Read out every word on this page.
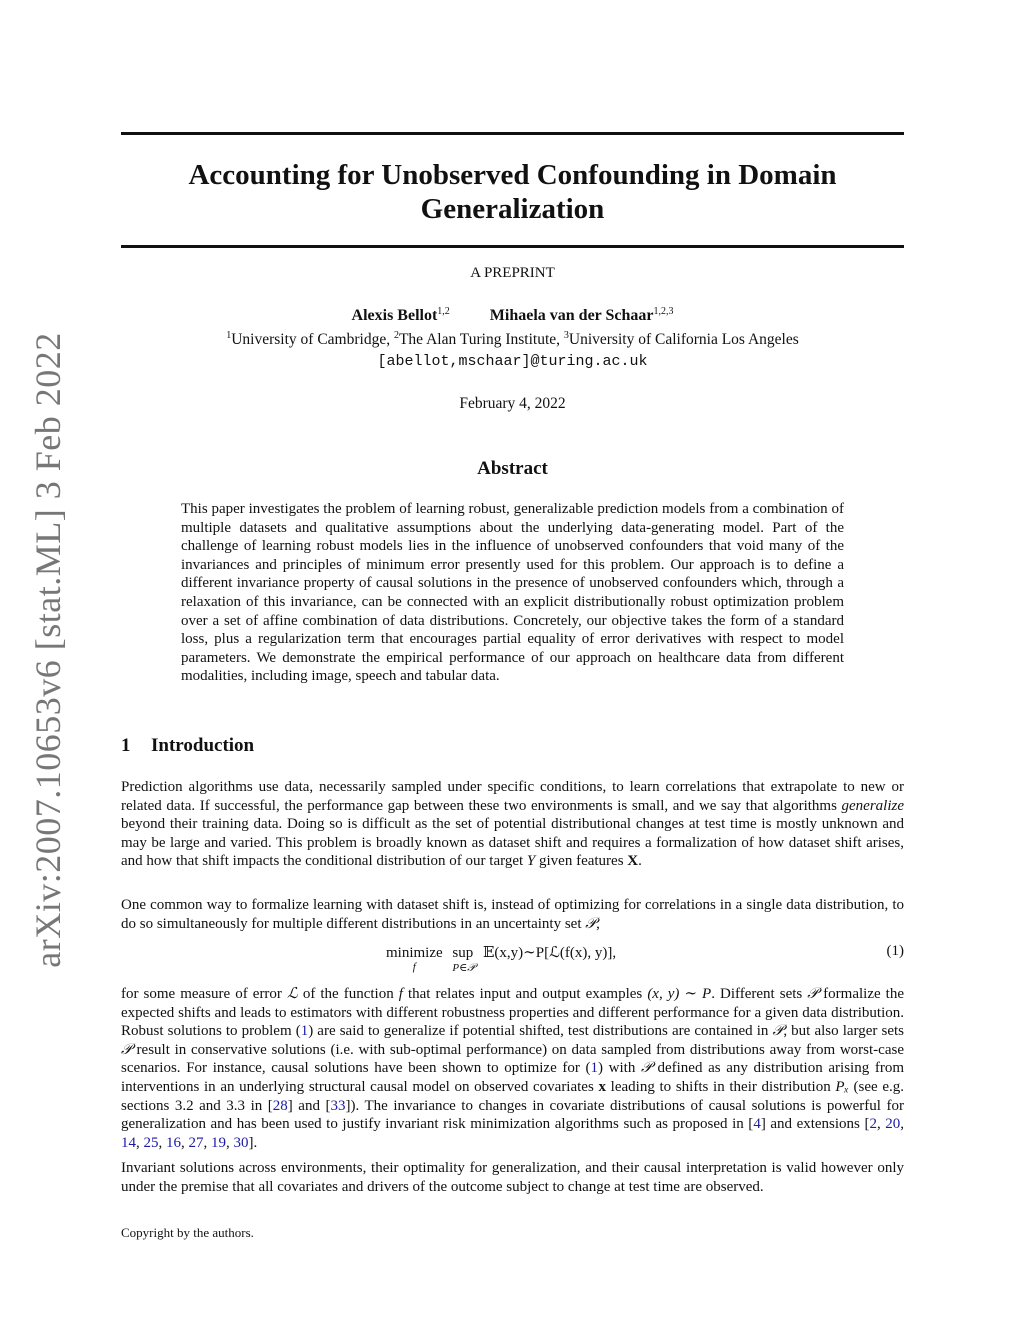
arXiv:2007.10653v6 [stat.ML] 3 Feb 2022
Accounting for Unobserved Confounding in Domain
Generalization
A PREPRINT
Alexis Bellot$^{1,2}$	Mihaela van der Schaar$^{1,2,3}$
$^1$University of Cambridge, $^2$The Alan Turing Institute, $^3$University of California Los Angeles
[abellot,mschaar]@turing.ac.uk
February 4, 2022
Abstract

This paper investigates the problem of learning robust, generalizable prediction models from a combination of multiple datasets and qualitative assumptions about the underlying data-generating model. Part of the challenge of learning robust models lies in the influence of unobserved confounders that void many of the invariances and principles of minimum error presently used for this problem. Our approach is to define a different invariance property of causal solutions in the presence of unobserved confounders which, through a relaxation of this invariance, can be connected with an explicit distributionally robust optimization problem over a set of affine combination of data distributions. Concretely, our objective takes the form of a standard loss, plus a regularization term that encourages partial equality of error derivatives with respect to model parameters. We demonstrate the empirical performance of our approach on healthcare data from different modalities, including image, speech and tabular data.

1 Introduction

Prediction algorithms use data, necessarily sampled under specific conditions, to learn correlations that extrapolate to new or related data. If successful, the performance gap between these two environments is small, and we say that algorithms generalize beyond their training data. Doing so is difficult as the set of potential distributional changes at test time is mostly unknown and may be large and varied. This problem is broadly known as dataset shift and requires a formalization of how dataset shift arises, and how that shift impacts the conditional distribution of our target Y given features X.

One common way to formalize learning with dataset shift is, instead of optimizing for correlations in a single data distribution, to do so simultaneously for multiple different distributions in an uncertainty set 𝒫,

minimize
f
sup
P∈𝒫
𝔼(x,y)∼P[ℒ(f(x), y)],	(1)

for some measure of error ℒ of the function f that relates input and output examples (x, y) ∼ P. Different sets 𝒫 formalize the expected shifts and leads to estimators with different robustness properties and different performance for a given data distribution. Robust solutions to problem (1) are said to generalize if potential shifted, test distributions are contained in 𝒫, but also larger sets 𝒫 result in conservative solutions (i.e. with sub-optimal performance) on data sampled from distributions away from worst-case scenarios. For instance, causal solutions have been shown to optimize for (1) with 𝒫 defined as any distribution arising from interventions in an underlying structural causal model on observed covariates x leading to shifts in their distribution Pₓ (see e.g. sections 3.2 and 3.3 in [28] and [33]). The invariance to changes in covariate distributions of causal solutions is powerful for generalization and has been used to justify invariant risk minimization algorithms such as proposed in [4] and extensions [2, 20, 14, 25, 16, 27, 19, 30].

Invariant solutions across environments, their optimality for generalization, and their causal interpretation is valid however only under the premise that all covariates and drivers of the outcome subject to change at test time are observed.

Copyright by the authors.
